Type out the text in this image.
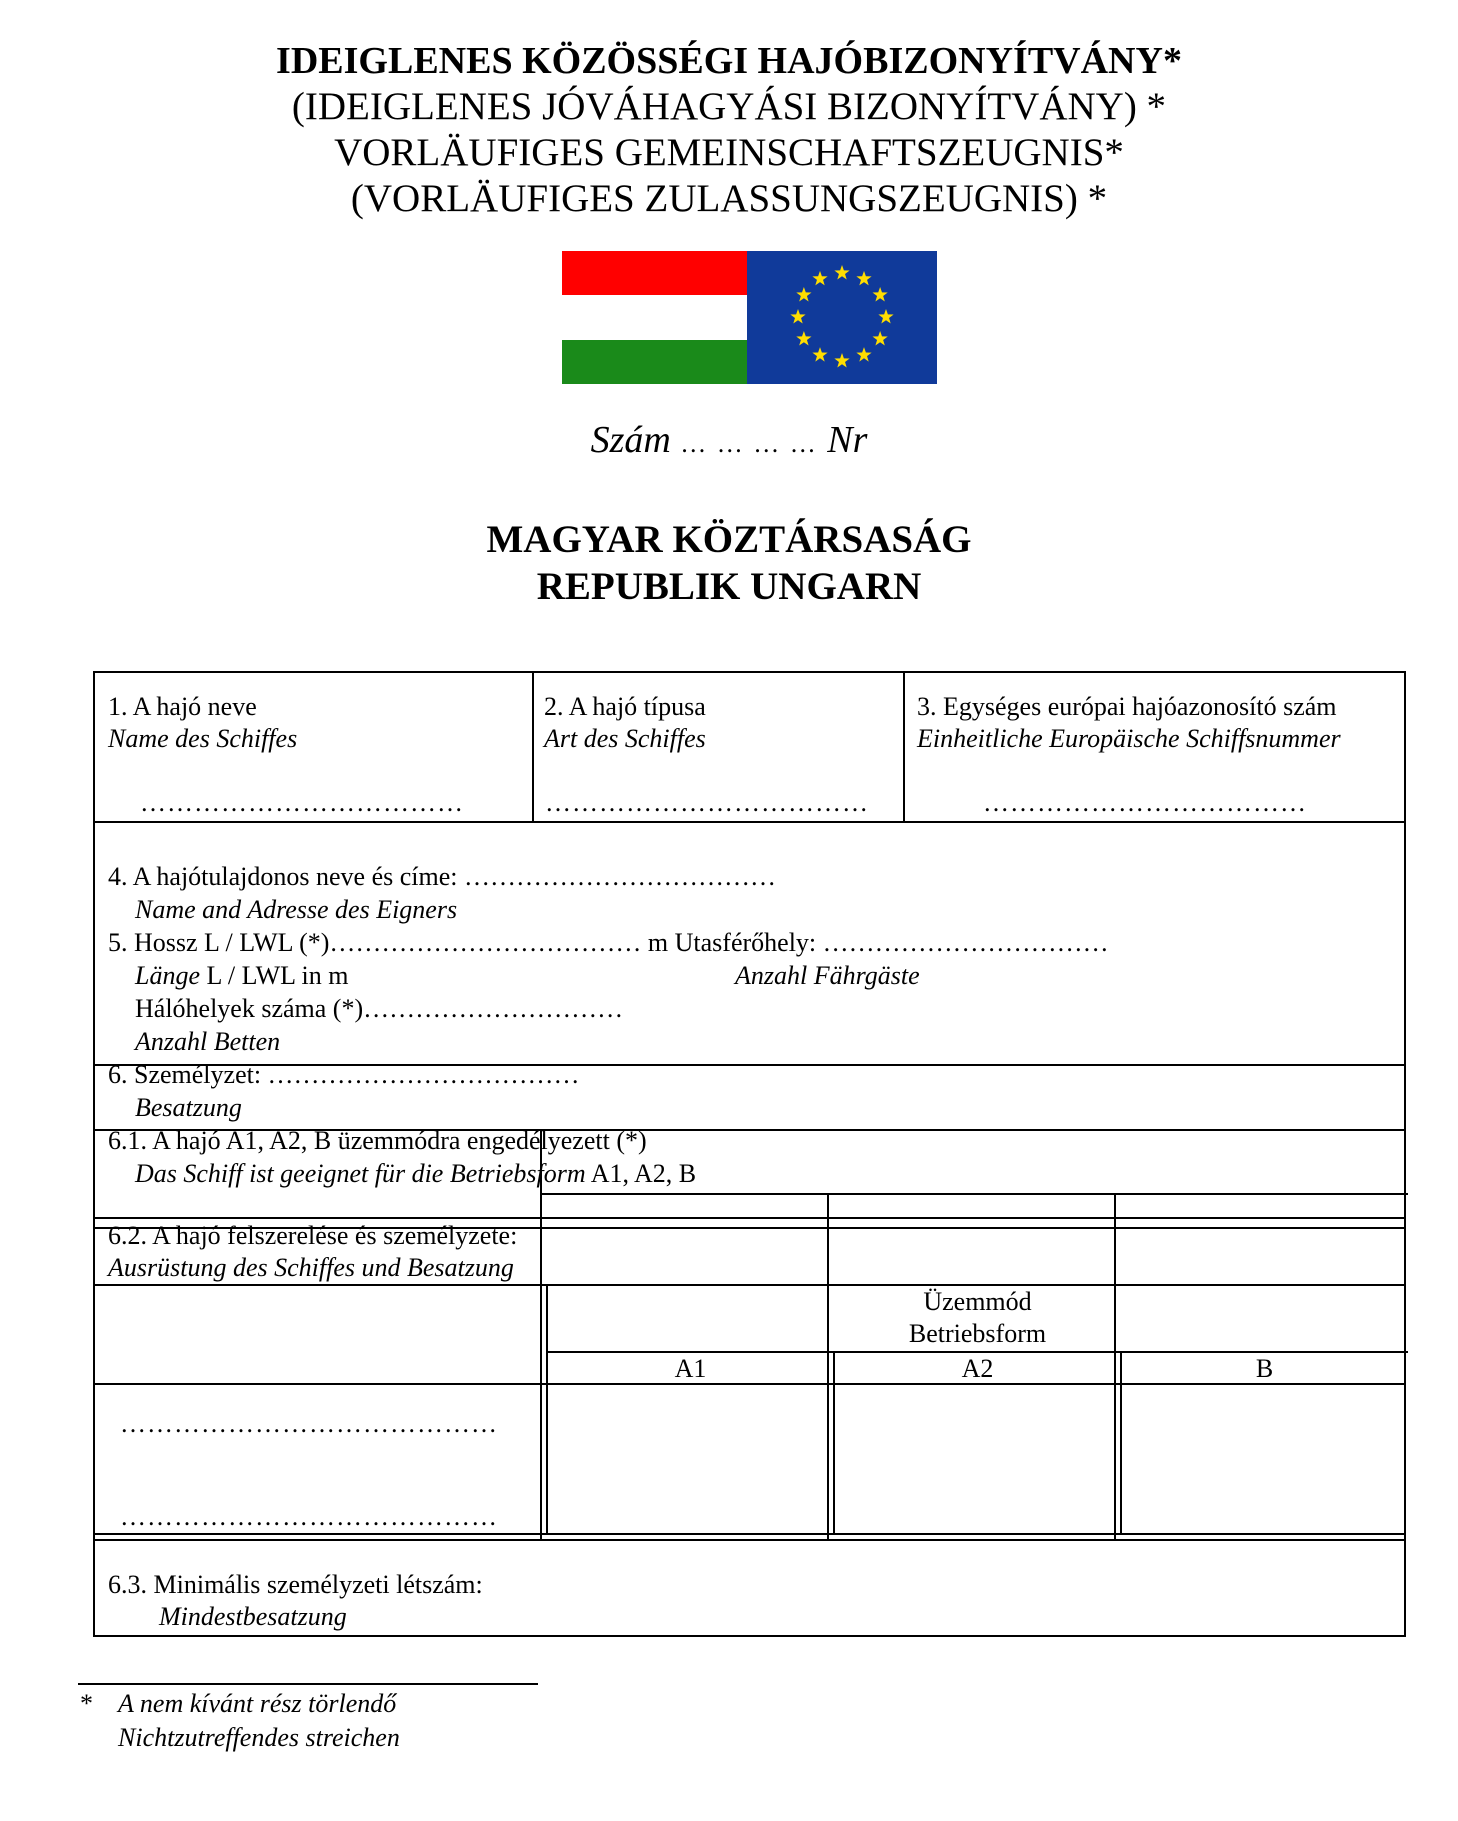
IDEIGLENES KÖZÖSSÉGI HAJÓBIZONYÍTVÁNY*
(IDEIGLENES JÓVÁHAGYÁSI BIZONYÍTVÁNY) *
VORLÄUFIGES GEMEINSCHAFTSZEUGNIS*
(VORLÄUFIGES ZULASSUNGSZEUGNIS) *
Szám … … … … Nr
MAGYAR KÖZTÁRSASÁG
REPUBLIK UNGARN
1. A hajó neve
Name des Schiffes
………………………………
2. A hajó típusa
Art des Schiffes
………………………………
3. Egységes európai hajóazonosító szám
Einheitliche Europäische Schiffsnummer
………………………………
4. A hajótulajdonos neve és címe: ………………………………
Name and Adresse des Eigners
5. Hossz L / LWL (*)……………………………… m Utasférőhely: ……………………………
Länge L / LWL in m	Anzahl Fährgäste
Hálóhelyek száma (*)…………………………
Anzahl Betten
6. Személyzet: ………………………………
Besatzung
6.1. A hajó A1, A2, B üzemmódra engedélyezett (*)
Das Schiff ist geeignet für die Betriebsform A1, A2, B
6.2. A hajó felszerelése és személyzete:
Ausrüstung des Schiffes und Besatzung
Üzemmód
Betriebsform
A1	A2	B
……………………………………
……………………………………
6.3. Minimális személyzeti létszám:
Mindestbesatzung
* A nem kívánt rész törlendő
Nichtzutreffendes streichen
